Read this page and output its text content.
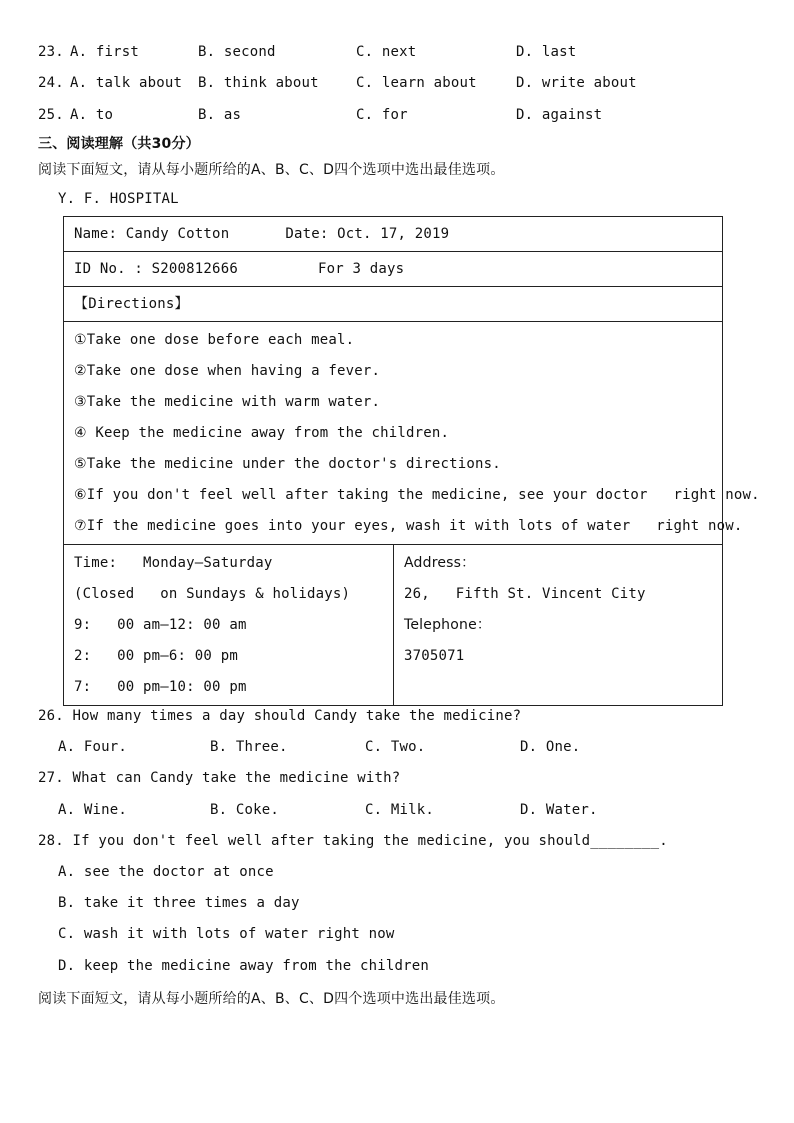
23. A. first	B. second	C. next	D. last
24. A. talk about B. think about	C. learn about	D. write about
25. A. to	B. as	C. for	D. against
三、阅读理解（共30分）
阅读下面短文，请从每小题所给的A、B、C、D四个选项中选出最佳选项。
Y. F. HOSPITAL
Name: Candy Cotton	Date: Oct. 17, 2019

ID No. : S200812666	For 3 days

【Directions】

①Take one dose before each meal.
②Take one dose when having a fever.
③Take the medicine with warm water.
④ Keep the medicine away from the children.
⑤Take the medicine under the doctor's directions.
⑥If you don't feel well after taking the medicine, see your doctor   right now.
⑦If the medicine goes into your eyes, wash it with lots of water   right now.

Time:   Monday—Saturday
(Closed   on Sundays & holidays)
9:   00 am—12: 00 am
2:   00 pm—6: 00 pm
7:   00 pm—10: 00 pm

Address：
26,   Fifth St. Vincent City
Telephone：
3705071
26. How many times a day should Candy take the medicine?
A. Four.	B. Three.	C. Two.	D. One.
27. What can Candy take the medicine with?
A. Wine.	B. Coke.	C. Milk.	D. Water.
28. If you don't feel well after taking the medicine, you should________.
A. see the doctor at once
B. take it three times a day
C. wash it with lots of water right now
D. keep the medicine away from the children
阅读下面短文，请从每小题所给的A、B、C、D四个选项中选出最佳选项。
